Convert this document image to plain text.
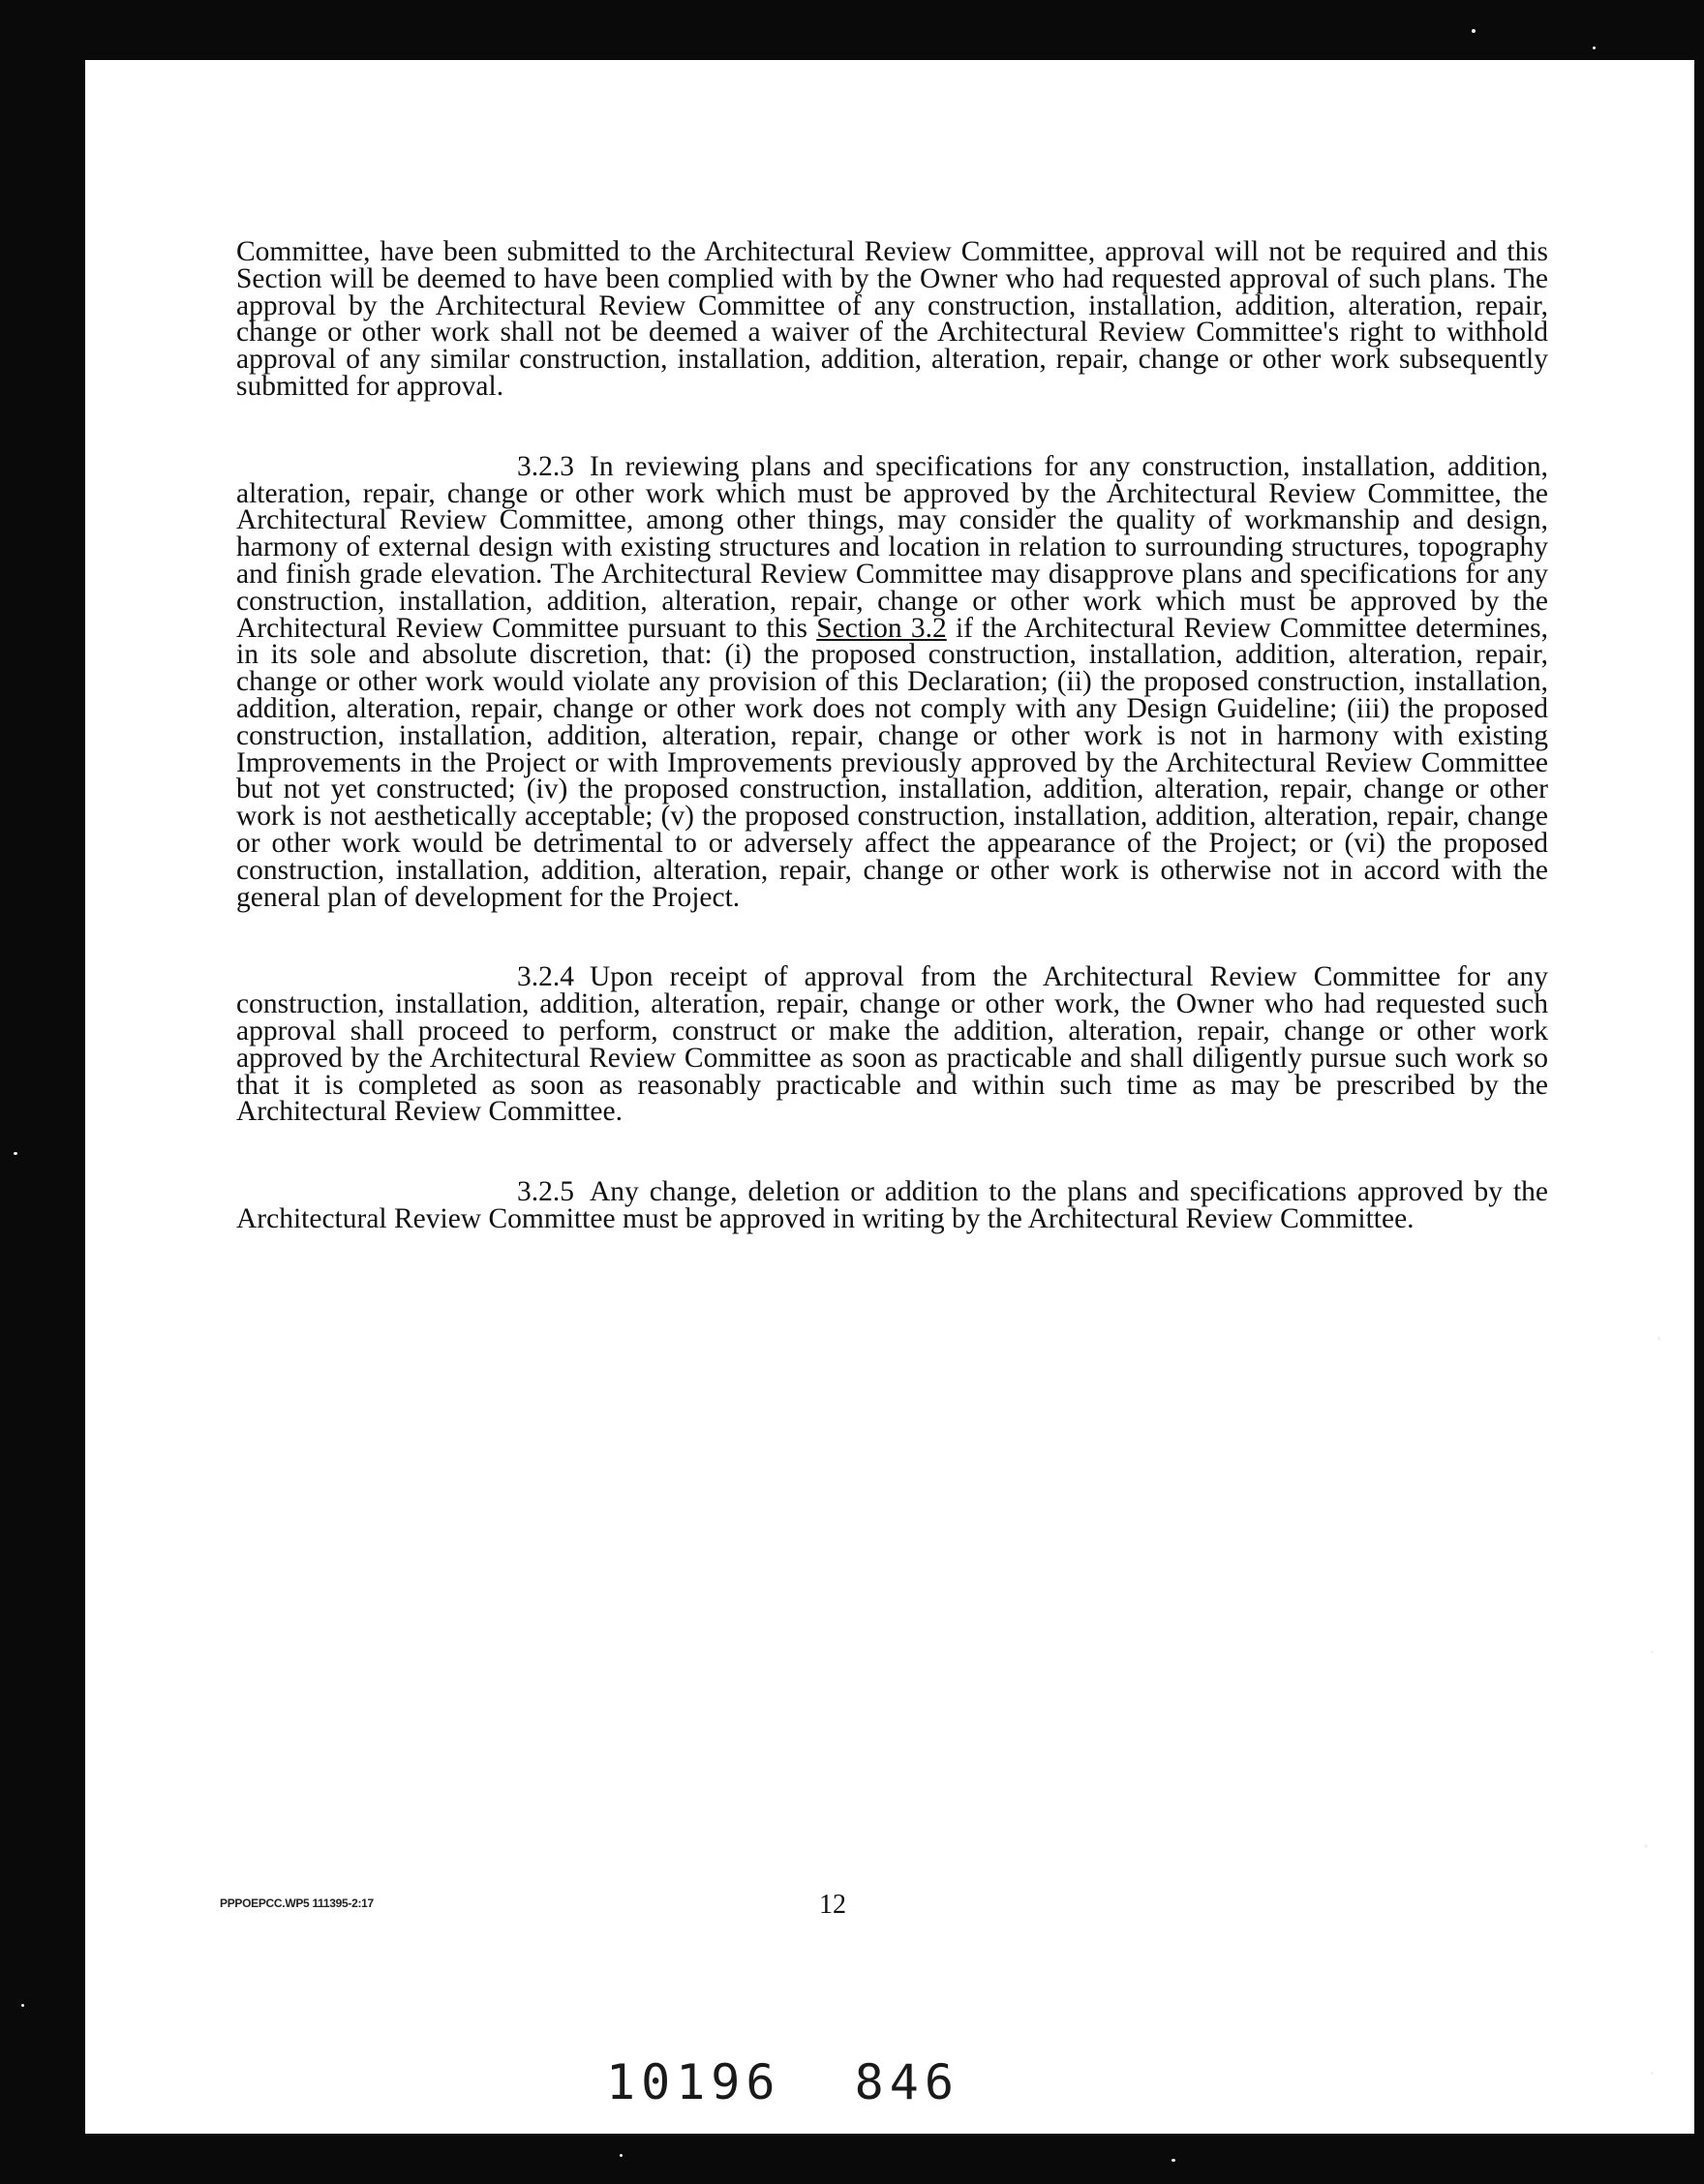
Committee, have been submitted to the Architectural Review Committee, approval will not be required and this Section will be deemed to have been complied with by the Owner who had requested approval of such plans. The approval by the Architectural Review Committee of any construction, installation, addition, alteration, repair, change or other work shall not be deemed a waiver of the Architectural Review Committee's right to withhold approval of any similar construction, installation, addition, alteration, repair, change or other work subsequently submitted for approval.

3.2.3 In reviewing plans and specifications for any construction, installation, addition, alteration, repair, change or other work which must be approved by the Architectural Review Committee, the Architectural Review Committee, among other things, may consider the quality of workmanship and design, harmony of external design with existing structures and location in relation to surrounding structures, topography and finish grade elevation. The Architectural Review Committee may disapprove plans and specifications for any construction, installation, addition, alteration, repair, change or other work which must be approved by the Architectural Review Committee pursuant to this Section 3.2 if the Architectural Review Committee determines, in its sole and absolute discretion, that: (i) the proposed construction, installation, addition, alteration, repair, change or other work would violate any provision of this Declaration; (ii) the proposed construction, installation, addition, alteration, repair, change or other work does not comply with any Design Guideline; (iii) the proposed construction, installation, addition, alteration, repair, change or other work is not in harmony with existing Improvements in the Project or with Improvements previously approved by the Architectural Review Committee but not yet constructed; (iv) the proposed construction, installation, addition, alteration, repair, change or other work is not aesthetically acceptable; (v) the proposed construction, installation, addition, alteration, repair, change or other work would be detrimental to or adversely affect the appearance of the Project; or (vi) the proposed construction, installation, addition, alteration, repair, change or other work is otherwise not in accord with the general plan of development for the Project.

3.2.4 Upon receipt of approval from the Architectural Review Committee for any construction, installation, addition, alteration, repair, change or other work, the Owner who had requested such approval shall proceed to perform, construct or make the addition, alteration, repair, change or other work approved by the Architectural Review Committee as soon as practicable and shall diligently pursue such work so that it is completed as soon as reasonably practicable and within such time as may be prescribed by the Architectural Review Committee.

3.2.5 Any change, deletion or addition to the plans and specifications approved by the Architectural Review Committee must be approved in writing by the Architectural Review Committee.

PPPOEPCC.WP5 111395-2:17	12
10196 846
